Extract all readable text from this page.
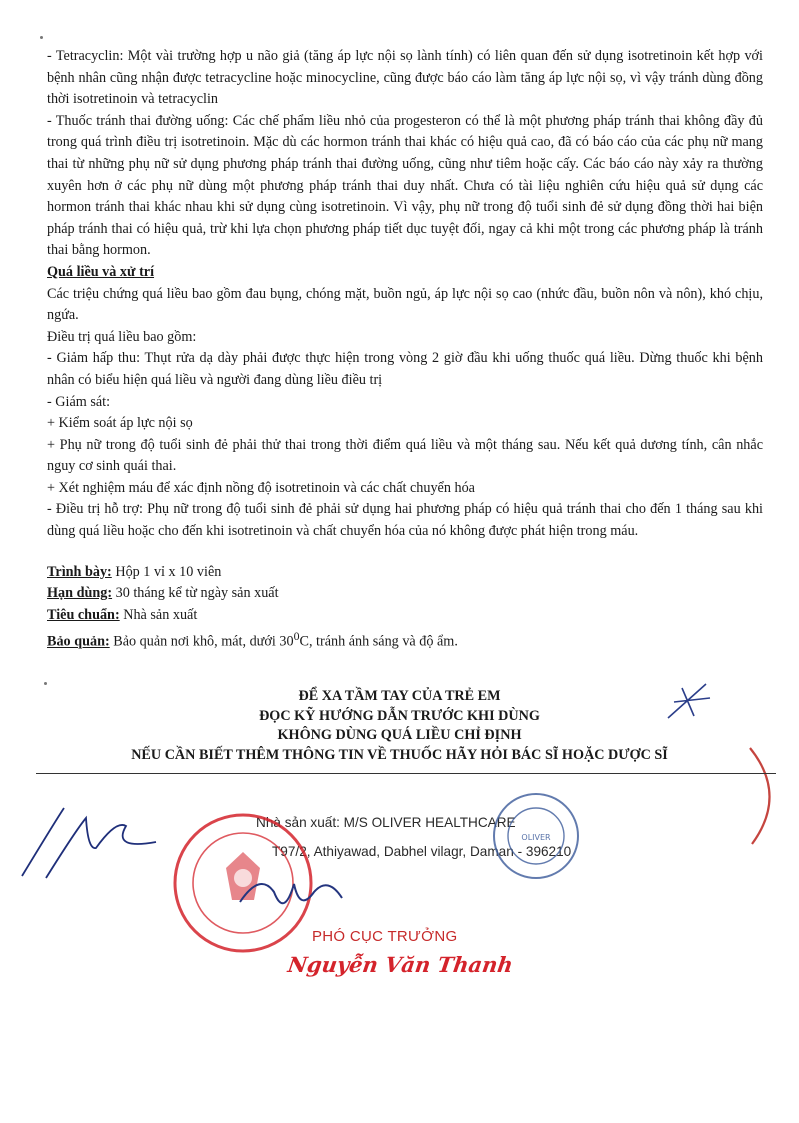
- Tetracyclin: Một vài trường hợp u não giả (tăng áp lực nội sọ lành tính) có liên quan đến sử dụng isotretinoin kết hợp với bệnh nhân cũng nhận được tetracycline hoặc minocycline, cũng được báo cáo làm tăng áp lực nội sọ, vì vậy tránh dùng đồng thời isotretinoin và tetracyclin

- Thuốc tránh thai đường uống: Các chế phẩm liều nhỏ của progesteron có thể là một phương pháp tránh thai không đầy đủ trong quá trình điều trị isotretinoin. Mặc dù các hormon tránh thai khác có hiệu quả cao, đã có báo cáo của các phụ nữ mang thai từ những phụ nữ sử dụng phương pháp tránh thai đường uống, cũng như tiêm hoặc cấy. Các báo cáo này xảy ra thường xuyên hơn ở các phụ nữ dùng một phương pháp tránh thai duy nhất. Chưa có tài liệu nghiên cứu hiệu quả sử dụng các hormon tránh thai khác nhau khi sử dụng cùng isotretinoin. Vì vậy, phụ nữ trong độ tuổi sinh đẻ sử dụng đồng thời hai biện pháp tránh thai có hiệu quả, trừ khi lựa chọn phương pháp tiết dục tuyệt đối, ngay cả khi một trong các phương pháp là tránh thai bằng hormon.

Quá liều và xử trí

Các triệu chứng quá liều bao gồm đau bụng, chóng mặt, buồn ngủ, áp lực nội sọ cao (nhức đầu, buồn nôn và nôn), khó chịu, ngứa.

Điều trị quá liều bao gồm:

- Giảm hấp thu: Thụt rửa dạ dày phải được thực hiện trong vòng 2 giờ đầu khi uống thuốc quá liều. Dừng thuốc khi bệnh nhân có biểu hiện quá liều và người đang dùng liều điều trị

- Giám sát:

+ Kiểm soát áp lực nội sọ

+ Phụ nữ trong độ tuổi sinh đẻ phải thử thai trong thời điểm quá liều và một tháng sau. Nếu kết quả dương tính, cân nhắc nguy cơ sinh quái thai.

+ Xét nghiệm máu để xác định nồng độ isotretinoin và các chất chuyển hóa

- Điều trị hỗ trợ: Phụ nữ trong độ tuổi sinh đẻ phải sử dụng hai phương pháp có hiệu quả tránh thai cho đến 1 tháng sau khi dùng quá liều hoặc cho đến khi isotretinoin và chất chuyển hóa của nó không được phát hiện trong máu.

Trình bày: Hộp 1 vỉ x 10 viên

Hạn dùng: 30 tháng kể từ ngày sản xuất

Tiêu chuẩn: Nhà sản xuất

Bảo quản: Bảo quản nơi khô, mát, dưới $30^0C$, tránh ánh sáng và độ ẩm.

ĐỂ XA TẦM TAY CỦA TRẺ EM

ĐỌC KỸ HƯỚNG DẪN TRƯỚC KHI DÙNG

KHÔNG DÙNG QUÁ LIỀU CHỈ ĐỊNH

NẾU CẦN BIẾT THÊM THÔNG TIN VỀ THUỐC HÃY HỎI BÁC SĨ HOẶC DƯỢC SĨ

Nhà sản xuất: M/S OLIVER HEALTHCARE

T97/2, Athiyawad, Dabhel vilagr, Daman - 396210

OLIVER
PHÓ CỤC TRƯỞNG
Nguyễn Văn Thanh
